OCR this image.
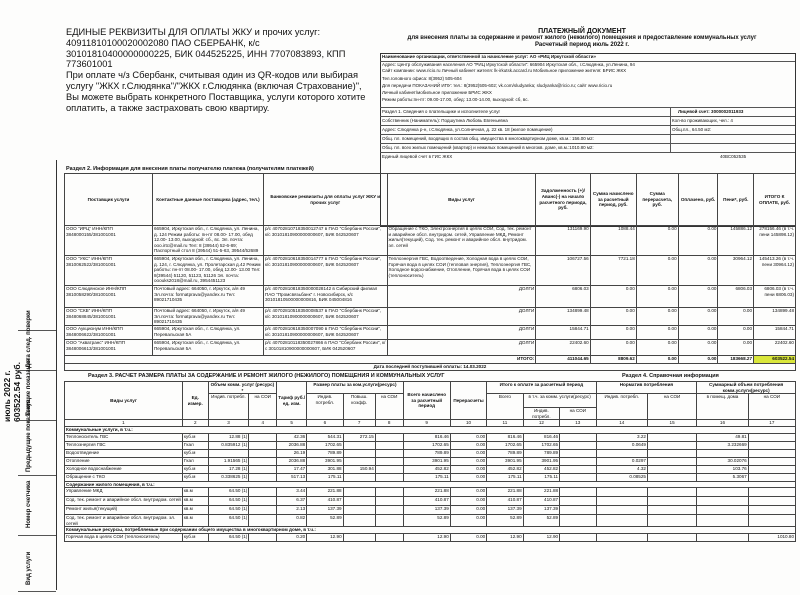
июль 2022 г. 603522.54 руб.
Дата след. поверки
Текущие показания
Предыдущие показания
Номер счетчика
Вид услуги
ЕДИНЫЕ РЕКВИЗИТЫ ДЛЯ ОПЛАТЫ ЖКУ и прочих услуг:
40911810100020002080 ПАО СБЕРБАНК, к/с
30101810400000000225, БИК 044525225, ИНН 7707083893, КПП
773601001
При оплате ч/з Сбербанк, считывая один из QR-кодов или выбирая
услугу "ЖКХ г.Слюдянка"/"ЖКХ г.Слюдянка (включая Страхование)",
Вы можете выбрать конкретного Поставщика, услуги которого хотите
оплатить, а также застраховать свою квартиру.
ПЛАТЕЖНЫЙ ДОКУМЕНТ
для внесения платы за содержание и ремонт жилого (нежилого) помещения и предоставление коммунальных услуг
Расчетный период июль 2022 г.
Наименование организации, ответственной за начисление услуг: АО «РИЦ Иркутской области»
Адрес: Центр обслуживания населения АО "РИЦ Иркутской области": 665904 Иркутская обл., г.Слюдянка, ул.Ленина, 94
Сайт компании: www.ricio.ru Личный кабинет жителя: lk-irkutsk.accard.ru Мобильное приложение жителя: БРИС ЖКХ
Тел.головного офиса: 8(3952) 505-604
Для передачи ПОКАЗАНИЙ ИПУ: тел.: 8(3952)505-602; vk.com/sludyanka; sludyanka@ricio.ru; сайт www.ricio.ru
Личный кабинет/мобильное приложение БРИС ЖКХ
Режим работы:пн-пт: 09.00-17.00, обед: 13.00-14.00, выходной: сб, вс.
Раздел 1. Сведения о плательщике и исполнителе услуг	Лицевой счет: 3000002011933
Собственник (Наниматель): Подшутина Любовь Евгеньевна	Кол-во проживающих, чел.: 4
Адрес: Слюдянка р-н, г.Слюдянка, ул.Солнечная, д. 22 кв. 18 (жилое помещение)	Общ.пл., 64.50 м2:
Общ. пл. помещений, входящих в состав общ. имущества в многоквартирном доме, кв.м.: 156.00 м2:
Общ. пл. всех жилых помещений (квартир) и нежилых помещений в многокв. доме, кв.м.:1010.80 м2:
Единый лицевой счет в ГИС ЖКХ	40ВС052535
Раздел 2. Информация для внесения платы получателю платежа (получателям платежей)
Поставщик услуги	Контактные данные поставщика (адрес, тел.)	Банковские реквизиты для оплаты услуг ЖКУ и прочих услуг	Виды услуг	Задолженность (+)/Аванс(-) на начало расчетного периода, руб.	Сумма начислено за расчетный период, руб.	Сумма перерасчета, руб.	Оплачено, руб.	Пени*, руб.	ИТОГО К ОПЛАТЕ, руб.
ООО "ИРЦ" ИНН/КПП 3848000155/381001001	665904, Иркутская обл., г. Слюдянка, ул. Ленина, д. 124 Режим работы: пн-пт 08.00- 17.00, обед 12.00- 13.00, выходной: сб., вс. Эл. почта: ooo.irtc@mail.ru Тел: 8 (39544) 52-6-89; Паспортный стол 8 (39544) 51-5-63, 39544/52689	р/с 40702810718350012747 в ПАО "Сбербанк России", к/с 30101810900000000607, БИК 042520607	Обращение с ТКО, Электроэнергия в целях СОИ, Сод. тек. ремонт и аварийное обсл. внутридом. сетей, Управление МКД, Ремонт жилья(текущий), Сод. тек. ремонт и аварийное обсл. внутридом. эл. сетей	131169.90	1088.44	0.00	0.00	145886.12	278156.46 (в т.ч. пени 145898.12)
ООО "УКС" ИНН/КПП 3810062522/381001001	665904, Иркутская обл., г. Слюдянка, ул. Ленина, д. 124, г. Слюдянка, ул. Пролетарская д.42 Режим работы: пн-пт 08.00- 17.00, обед 12.00- 13.00 Тел: 8(39544) 51120, 51123, 51126 Эл. почта: ooouks2018@mail.ru, 3954451123	р/с 40702810618350014777 в ПАО "Сбербанк России", к/с 30101810900000000607, БИК 042520607	Теплоэнергия ГВС, Водоотведение, Холодная вода в целях СОИ, Горячая вода в целях СОИ (тепловая энергия), Теплоэнергия ГВС, Холодное водоснабжение, Отопление, Горячая вода в целях СОИ (теплоноситель)	106727.56	7721.18	0.00	0.00	30964.12	145413.26 (в т.ч. пени 30964.12)
ООО Слюдянское ИНН/КПП 3810058290/381001001	Почтовый адрес: 664050, г. Иркутск, а/я 49 Эл.почта: formatprava@yandex.ru Тел: 89021710435	р/с 40702810818350000028142 в Сибирский филиал ПАО "Промсвязьбанк" г. Новосибирск, к/с 30101810500000000816, БИК 045004816	ДОЛГИ	6806.03	0.00	0.00	0.00	6806.03	6806.03 (в т.ч. пени 6806.03)
ООО "СКБ" ИНН/КПП 3848068845/381001001	Почтовый адрес: 664050, г. Иркутск, а/я 49 Эл.почта: formatprava@yandex.ru Тел: 89021710435	р/с 40702810518350008537 в ПАО "Сбербанк России", к/с 30101810900000000607, БИК 042520607	ДОЛГИ	134899.48	0.00	0.00	0.00	0.00	134899.48
ООО Аукционум ИНН/КПП 3848006622/381001001	665904, Иркутская обл., г. Слюдянка, ул. Перевальская 5А	р/с 40702810618350007090 в ПАО "Сбербанк России", к/с 30101810900000000607, БИК 042520607	ДОЛГИ	15844.71	0.00	0.00	0.00	0.00	15844.71
ООО "Акватранс" ИНН/КПП 3848006613/381001001	665904, Иркутская обл., г. Слюдянка, ул. Перевальская 5А	р/с 40702810118350027866 в ПАО "Сбербанк России", к/с 30101810900000000607, БИК 042520607	ДОЛГИ	22402.60	0.00	0.00	0.00	0.00	22402.60
ИТОГО:				411044.65	8809.62	0.00	0.00	183668.27	603522.54
Дата последней поступившей оплаты: 14.03.2022									
Раздел 3. РАСЧЕТ РАЗМЕРА ПЛАТЫ ЗА СОДЕРЖАНИЕ И РЕМОНТ ЖИЛОГО (НЕЖИЛОГО) ПОМЕЩЕНИЯ И КОММУНАЛЬНЫХ УСЛУГ	Раздел 4. Справочная информация
Виды услуг	Ед. измер.	Объем комм. услуг (ресурс) *		Тариф руб./ед. изм.	Размер платы за ком.услуги(ресурс)			Всего начислено за расчетный период	Перерасчеты	Итого к оплате за расчетный период			Норматив потребления		Суммарный объем потребления комм.услуги(ресурс)	
		Индив. потребл.	на СОИ		Индив. потребл.	Повыш. коэфф.	на СОИ			Всего	в т.ч. за комм. услуги(ресурс)		Индив. потребл.	на СОИ	в помещ. дома	на СОИ
											Индив. потребл.	на СОИ				
1	2	3	4	5	6	7	8	9	10	11	12	13	14	15	16	17
Коммунальные услуги, в т.ч.:																
Теплоноситель ГВС	куб.м	12.88 (1)		42.36	544.31	272.15		816.46	0.00	816.46	816.46		3.22		49.81	
Теплоэнергия ГВС	Гкал	0.835912 (1)		2036.88	1702.65			1702.65	0.00	1702.65	1702.65		0.0649		3.232669	
Водоотведение	куб.м			26.19	789.89			789.89	0.00	789.89	789.89					
Отопление	Гкал	1.91565 (1)		2036.88	3901.95			3901.95	0.00	3901.95	3901.95		0.0297		30.02076	
Холодное водоснабжение	куб.м	17.28 (1)		17.47	301.88	150.94		452.82	0.00	452.82	452.82		4.32		103.76	
Обращение с ТКО	куб.м	0.338625 (1)		517.13	175.11			175.11	0.00	175.11	175.11		0.08525		5.3067	
Содержание жилого помещения, в т.ч.:																
Управление МКД	кв.м	64.50 (1)		3.44	221.88			221.88	0.00	221.88	221.88					
Сод. тек. ремонт и аварийное обсл. внутридом. сетей	кв.м	64.50 (1)		6.37	410.87			410.87	0.00	410.87	410.87					
Ремонт жилья(текущий)	кв.м	64.50 (1)		2.13	137.39			137.39	0.00	137.39	137.39					
Сод. тек. ремонт и аварийное обсл. внутридом. эл. сетей	кв.м	64.50 (1)		0.82	52.89			52.89	0.00	52.89	52.89					
Коммунальные ресурсы, потребляемые при содержании общего имущества в многоквартирном доме, в т.ч.:																
Горячая вода в целях СОИ (теплоноситель)	куб.м	64.50 (1)		0.20	12.90			12.90	0.00	12.90	12.90					1010.80
